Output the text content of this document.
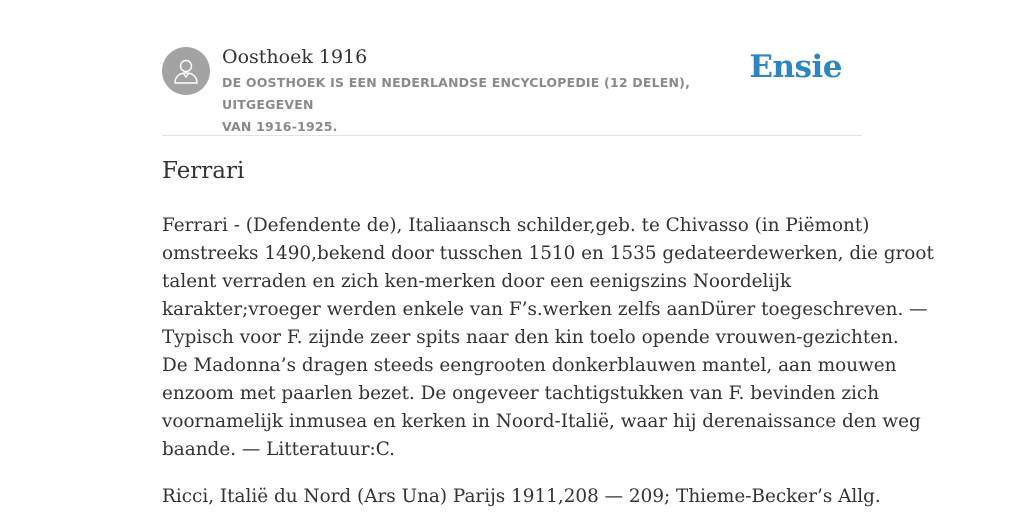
Oosthoek 1916
DE OOSTHOEK IS EEN NEDERLANDSE ENCYCLOPEDIE (12 DELEN), UITGEGEVEN
VAN 1916-1925.
Ensie
Ferrari

Ferrari - (Defendente de), Italiaansch schilder,geb. te Chivasso (in Piëmont)
omstreeks 1490,bekend door tusschen 1510 en 1535 gedateerdewerken, die groot
talent verraden en zich ken-merken door een eenigszins Noordelijk
karakter;vroeger werden enkele van F’s.werken zelfs aanDürer toegeschreven. —
Typisch voor F. zijnde zeer spits naar den kin toelo opende vrouwen-gezichten.
De Madonna’s dragen steeds eengrooten donkerblauwen mantel, aan mouwen
enzoom met paarlen bezet. De ongeveer tachtigstukken van F. bevinden zich
voornamelijk inmusea en kerken in Noord-Italië, waar hij derenaissance den weg
baande. — Litteratuur:C.

Ricci, Italië du Nord (Ars Una) Parijs 1911,208 — 209; Thieme-Becker’s Allg.
